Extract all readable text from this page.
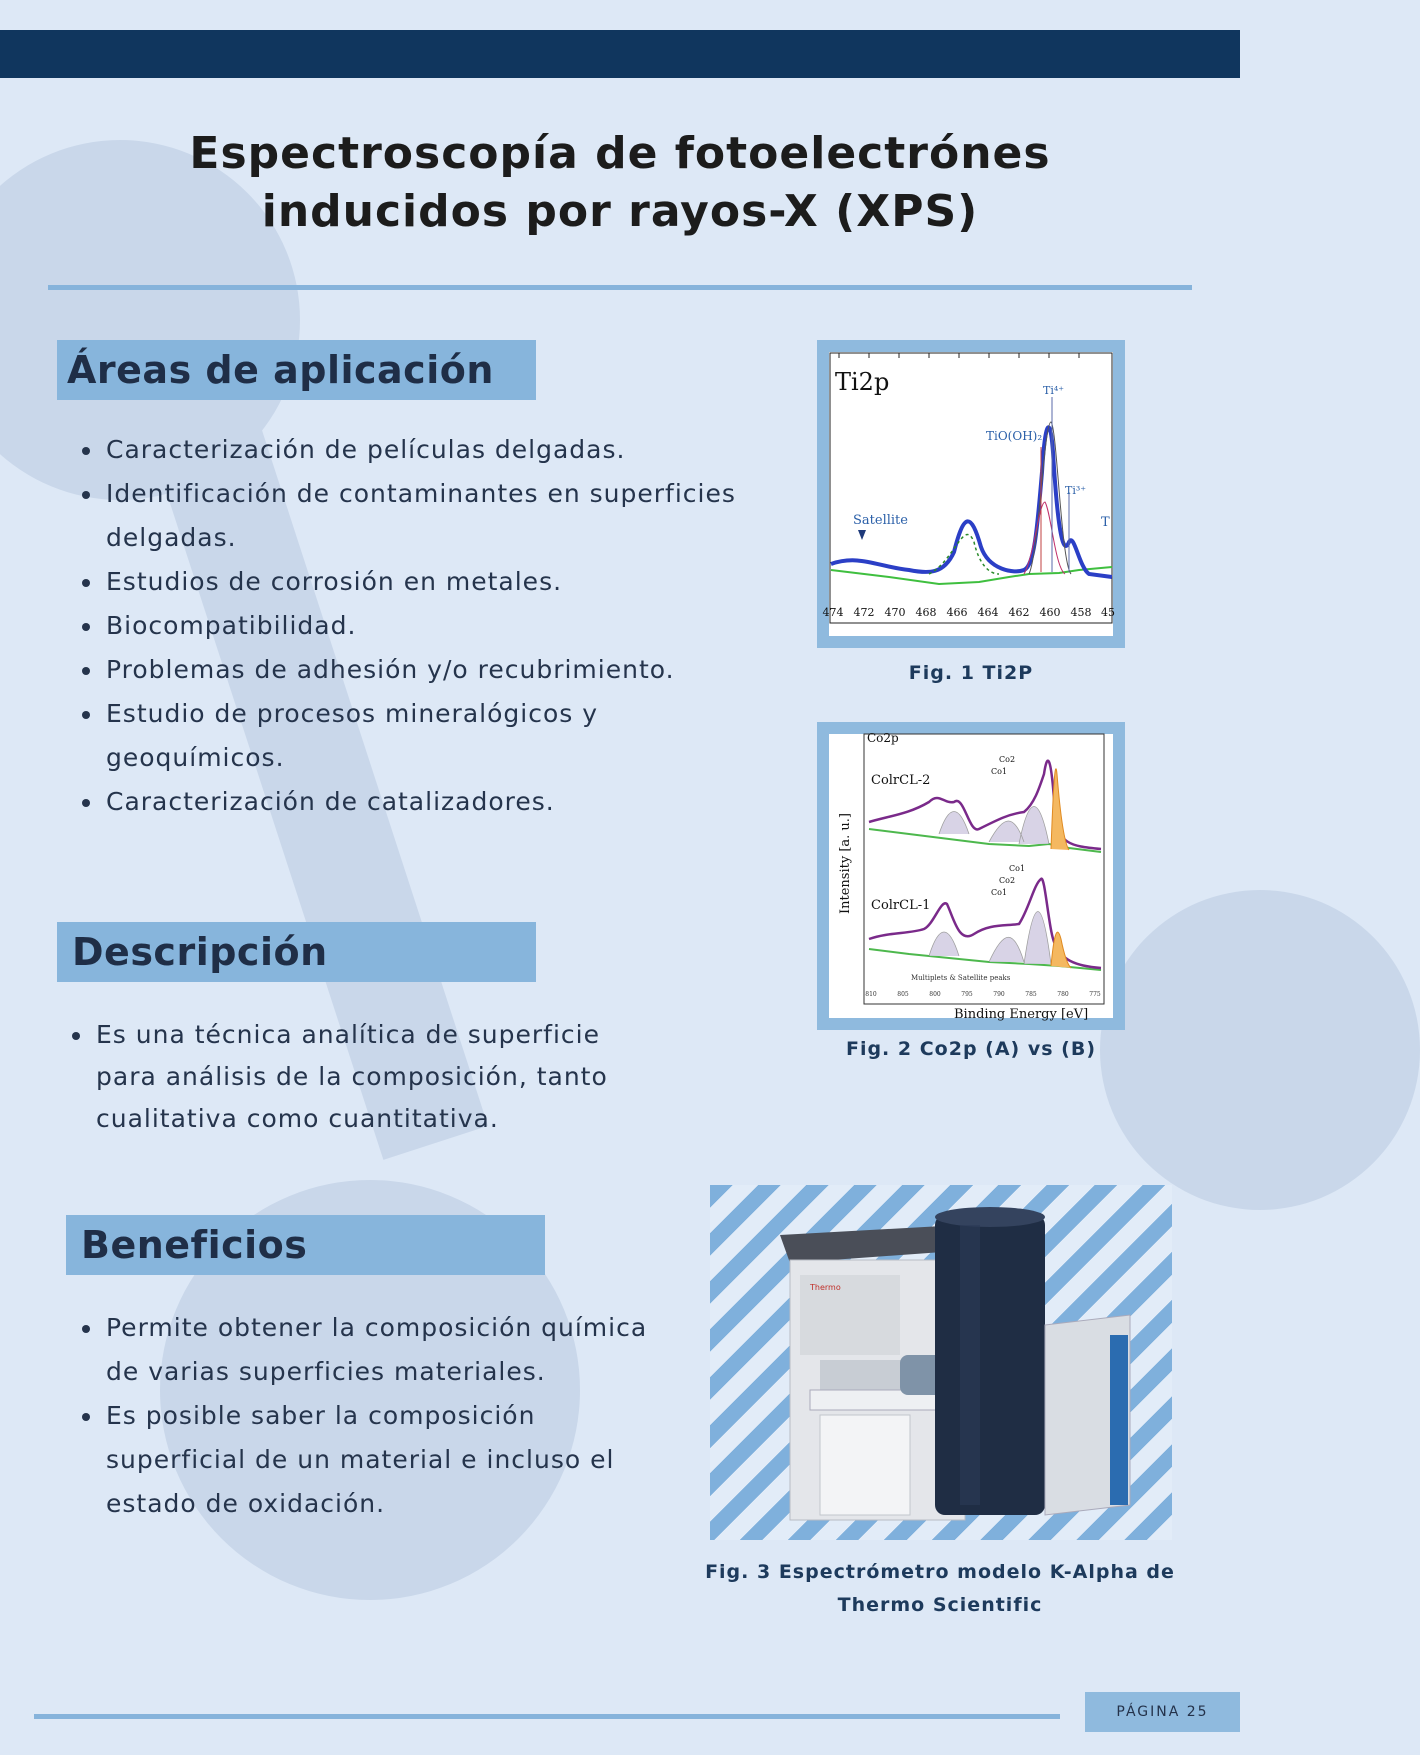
Espectroscopía de fotoelectrónes
inducidos por rayos-X (XPS)
Áreas de aplicación
• Caracterización de películas delgadas.
• Identificación de contaminantes en superficies delgadas.
• Estudios de corrosión en metales.
• Biocompatibilidad.
• Problemas de adhesión y/o recubrimiento.
• Estudio de procesos mineralógicos y geoquímicos.
• Caracterización de catalizadores.
Descripción
• Es una técnica analítica de superficie para análisis de la composición, tanto cualitativa como cuantitativa.
Beneficios
• Permite obtener la composición química de varias superficies materiales.
• Es posible saber la composición superficial de un material e incluso el estado de oxidación.
Ti2p	Ti⁴⁺
TiO(OH)₂
Ti³⁺
T
Satellite
474 472 470 468 466 464 462 460 458 45
Fig. 1 Ti2P
Co2p
Intensity [a. u.]
ColrCL-2
ColrCL-1
Co2
Co1
Co1
Co2
Co1
Multiplets & Satellite peaks
810	805	800	795	790	785	780	775
Binding Energy [eV]
Fig. 2 Co2p (A) vs (B)
Thermo
Fig. 3 Espectrómetro modelo K-Alpha de Thermo Scientific
PÁGINA 25
